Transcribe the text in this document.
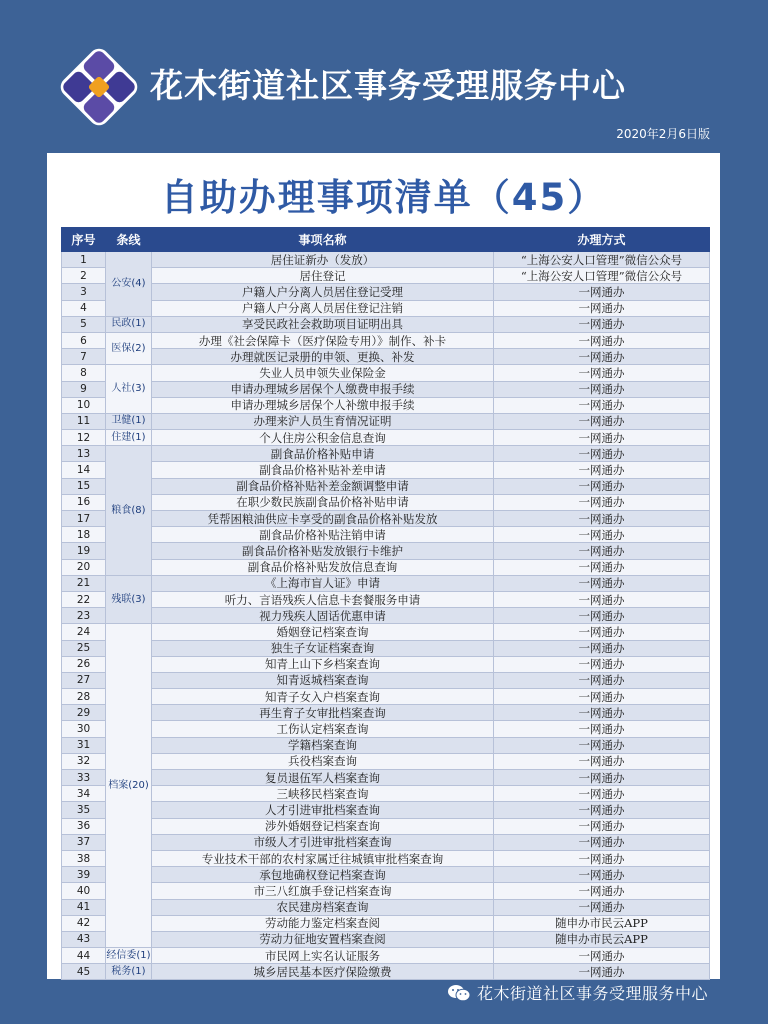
花木街道社区事务受理服务中心
2020年2月6日版
自助办理事项清单（45）
序号	条线	事项名称	办理方式
1	公安(4)	居住证新办（发放）	“上海公安人口管理”微信公众号
2		居住登记	“上海公安人口管理”微信公众号
3		户籍人户分离人员居住登记受理	一网通办
4		户籍人户分离人员居住登记注销	一网通办
5	民政(1)	享受民政社会救助项目证明出具	一网通办
6	医保(2)	办理《社会保障卡（医疗保险专用）》制作、补卡	一网通办
7		办理就医记录册的申领、更换、补发	一网通办
8	人社(3)	失业人员申领失业保险金	一网通办
9		申请办理城乡居保个人缴费申报手续	一网通办
10		申请办理城乡居保个人补缴申报手续	一网通办
11	卫健(1)	办理来沪人员生育情况证明	一网通办
12	住建(1)	个人住房公积金信息查询	一网通办
13	粮食(8)	副食品价格补贴申请	一网通办
14		副食品价格补贴补差申请	一网通办
15		副食品价格补贴补差金额调整申请	一网通办
16		在职少数民族副食品价格补贴申请	一网通办
17		凭帮困粮油供应卡享受的副食品价格补贴发放	一网通办
18		副食品价格补贴注销申请	一网通办
19		副食品价格补贴发放银行卡维护	一网通办
20		副食品价格补贴发放信息查询	一网通办
21	残联(3)	《上海市盲人证》申请	一网通办
22		听力、言语残疾人信息卡套餐服务申请	一网通办
23		视力残疾人固话优惠申请	一网通办
24	档案(20)	婚姻登记档案查询	一网通办
25		独生子女证档案查询	一网通办
26		知青上山下乡档案查询	一网通办
27		知青返城档案查询	一网通办
28		知青子女入户档案查询	一网通办
29		再生育子女审批档案查询	一网通办
30		工伤认定档案查询	一网通办
31		学籍档案查询	一网通办
32		兵役档案查询	一网通办
33		复员退伍军人档案查询	一网通办
34		三峡移民档案查询	一网通办
35		人才引进审批档案查询	一网通办
36		涉外婚姻登记档案查询	一网通办
37		市级人才引进审批档案查询	一网通办
38		专业技术干部的农村家属迁往城镇审批档案查询	一网通办
39		承包地确权登记档案查询	一网通办
40		市三八红旗手登记档案查询	一网通办
41		农民建房档案查询	一网通办
42		劳动能力鉴定档案查阅	随申办市民云APP
43		劳动力征地安置档案查阅	随申办市民云APP
44	经信委(1)	市民网上实名认证服务	一网通办
45	税务(1)	城乡居民基本医疗保险缴费	一网通办
花木街道社区事务受理服务中心
